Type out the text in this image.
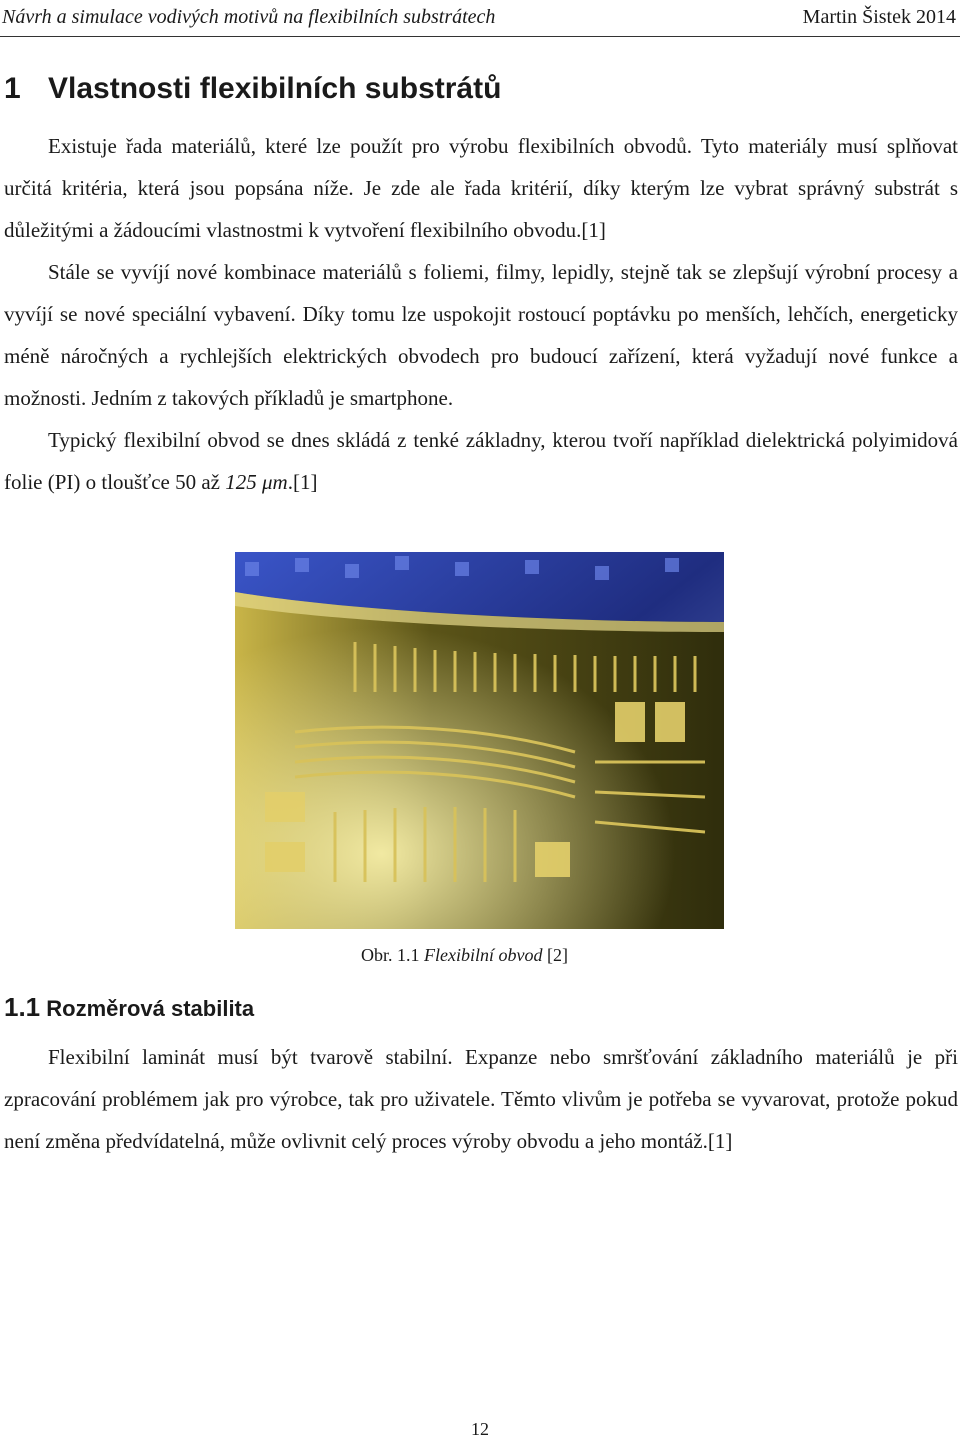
Návrh a simulace vodivých motivů na flexibilních substrátech	Martin Šistek 2014
1 Vlastnosti flexibilních substrátů

Existuje řada materiálů, které lze použít pro výrobu flexibilních obvodů. Tyto materiály musí splňovat určitá kritéria, která jsou popsána níže. Je zde ale řada kritérií, díky kterým lze vybrat správný substrát s důležitými a žádoucími vlastnostmi k vytvoření flexibilního obvodu.[1]

Stále se vyvíjí nové kombinace materiálů s foliemi, filmy, lepidly, stejně tak se zlepšují výrobní procesy a vyvíjí se nové speciální vybavení. Díky tomu lze uspokojit rostoucí poptávku po menších, lehčích, energeticky méně náročných a rychlejších elektrických obvodech pro budoucí zařízení, která vyžadují nové funkce a možnosti. Jedním z takových příkladů je smartphone.

Typický flexibilní obvod se dnes skládá z tenké základny, kterou tvoří například dielektrická polyimidová folie (PI) o tloušťce 50 až 125 μm.[1]

Obr. 1.1 Flexibilní obvod [2]
1.1 Rozměrová stabilita

Flexibilní laminát musí být tvarově stabilní. Expanze nebo smršťování základního materiálů je při zpracování problémem jak pro výrobce, tak pro uživatele. Těmto vlivům je potřeba se vyvarovat, protože pokud není změna předvídatelná, může ovlivnit celý proces výroby obvodu a jeho montáž.[1]

12
